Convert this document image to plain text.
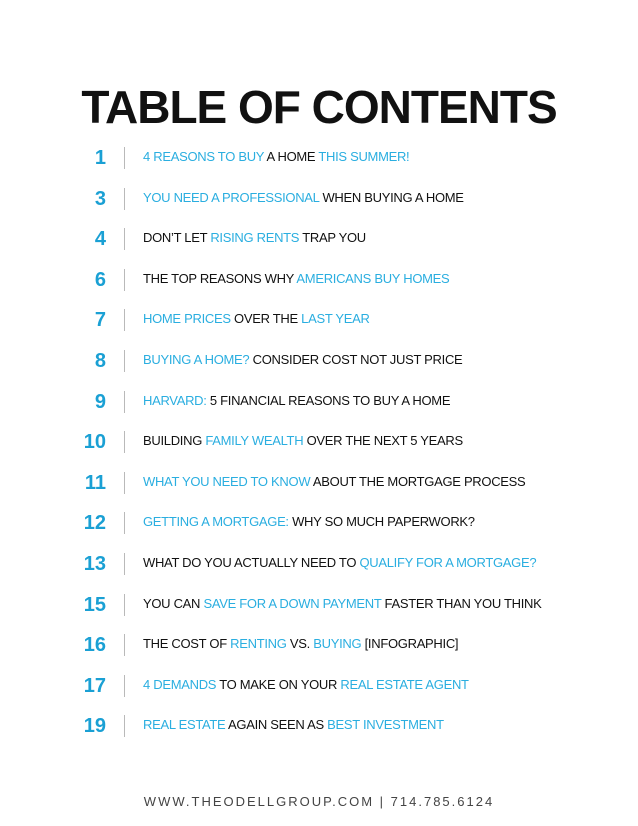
TABLE OF CONTENTS
1	4 REASONS TO BUY A HOME THIS SUMMER!
3	YOU NEED A PROFESSIONAL WHEN BUYING A HOME
4	DON’T LET RISING RENTS TRAP YOU
6	THE TOP REASONS WHY AMERICANS BUY HOMES
7	HOME PRICES OVER THE LAST YEAR
8	BUYING A HOME? CONSIDER COST NOT JUST PRICE
9	HARVARD: 5 FINANCIAL REASONS TO BUY A HOME
10	BUILDING FAMILY WEALTH OVER THE NEXT 5 YEARS
11	WHAT YOU NEED TO KNOW ABOUT THE MORTGAGE PROCESS
12	GETTING A MORTGAGE: WHY SO MUCH PAPERWORK?
13	WHAT DO YOU ACTUALLY NEED TO QUALIFY FOR A MORTGAGE?
15	YOU CAN SAVE FOR A DOWN PAYMENT FASTER THAN YOU THINK
16	THE COST OF RENTING VS. BUYING [INFOGRAPHIC]
17	4 DEMANDS TO MAKE ON YOUR REAL ESTATE AGENT
19	REAL ESTATE AGAIN SEEN AS BEST INVESTMENT
WWW.THEODELLGROUP.COM | 714.785.6124
